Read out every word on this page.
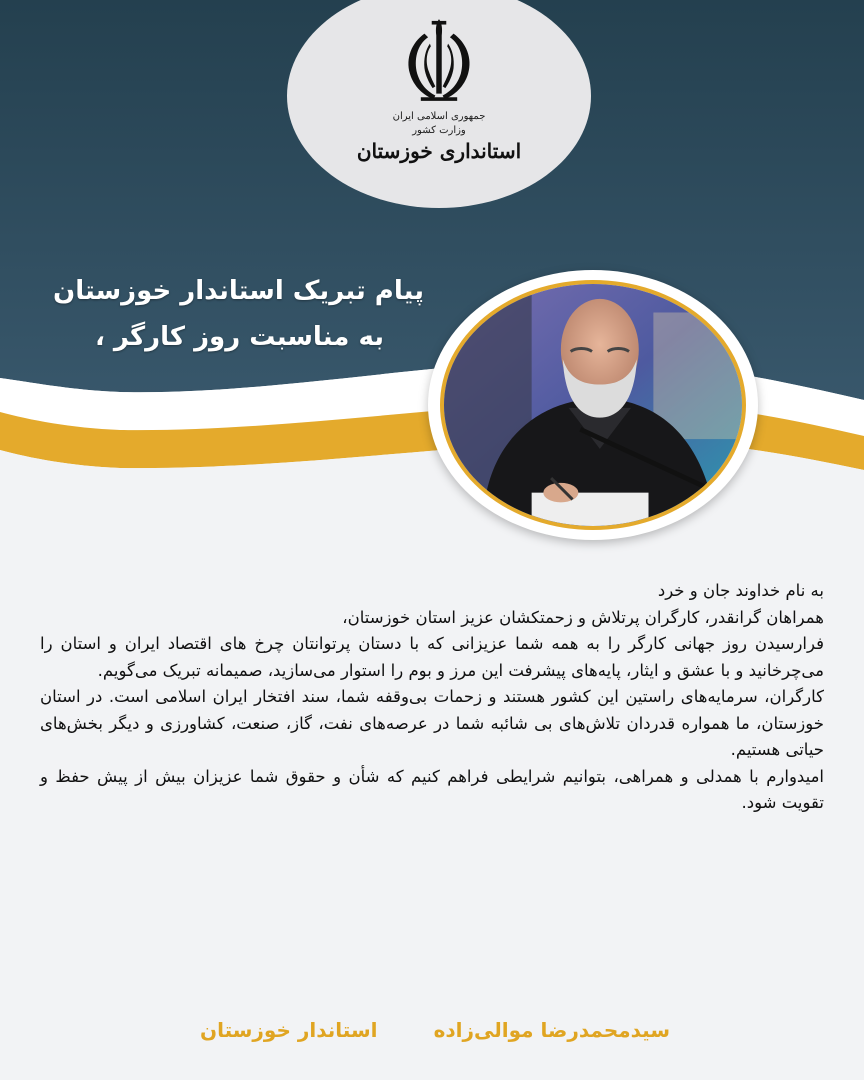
جمهوری اسلامی ایران
وزارت کشور
استانداری خوزستان
پیام تبریک استاندار خوزستان
به مناسبت روز کارگر ،

به نام خداوند جان و خرد

همراهان گرانقدر، کارگران پرتلاش و زحمتکشان عزیز استان خوزستان،

فرارسیدن روز جهانی کارگر را به همه شما عزیزانی که با دستان پرتوانتان چرخ های اقتصاد ایران و استان را می‌چرخانید و با عشق و ایثار، پایه‌های پیشرفت این مرز و بوم را استوار می‌سازید، صمیمانه تبریک می‌گویم.

کارگران، سرمایه‌های راستین این کشور هستند و زحمات بی‌وقفه شما، سند افتخار ایران اسلامی است. در استان خوزستان، ما همواره قدردان تلاش‌های بی شائبه شما در عرصه‌های نفت، گاز، صنعت، کشاورزی و دیگر بخش‌های حیاتی هستیم.

امیدوارم با همدلی و همراهی، بتوانیم شرایطی فراهم کنیم که شأن و حقوق شما عزیزان بیش از پیش حفظ و تقویت شود.

سیدمحمدرضا موالی‌زاده
استاندار خوزستان
